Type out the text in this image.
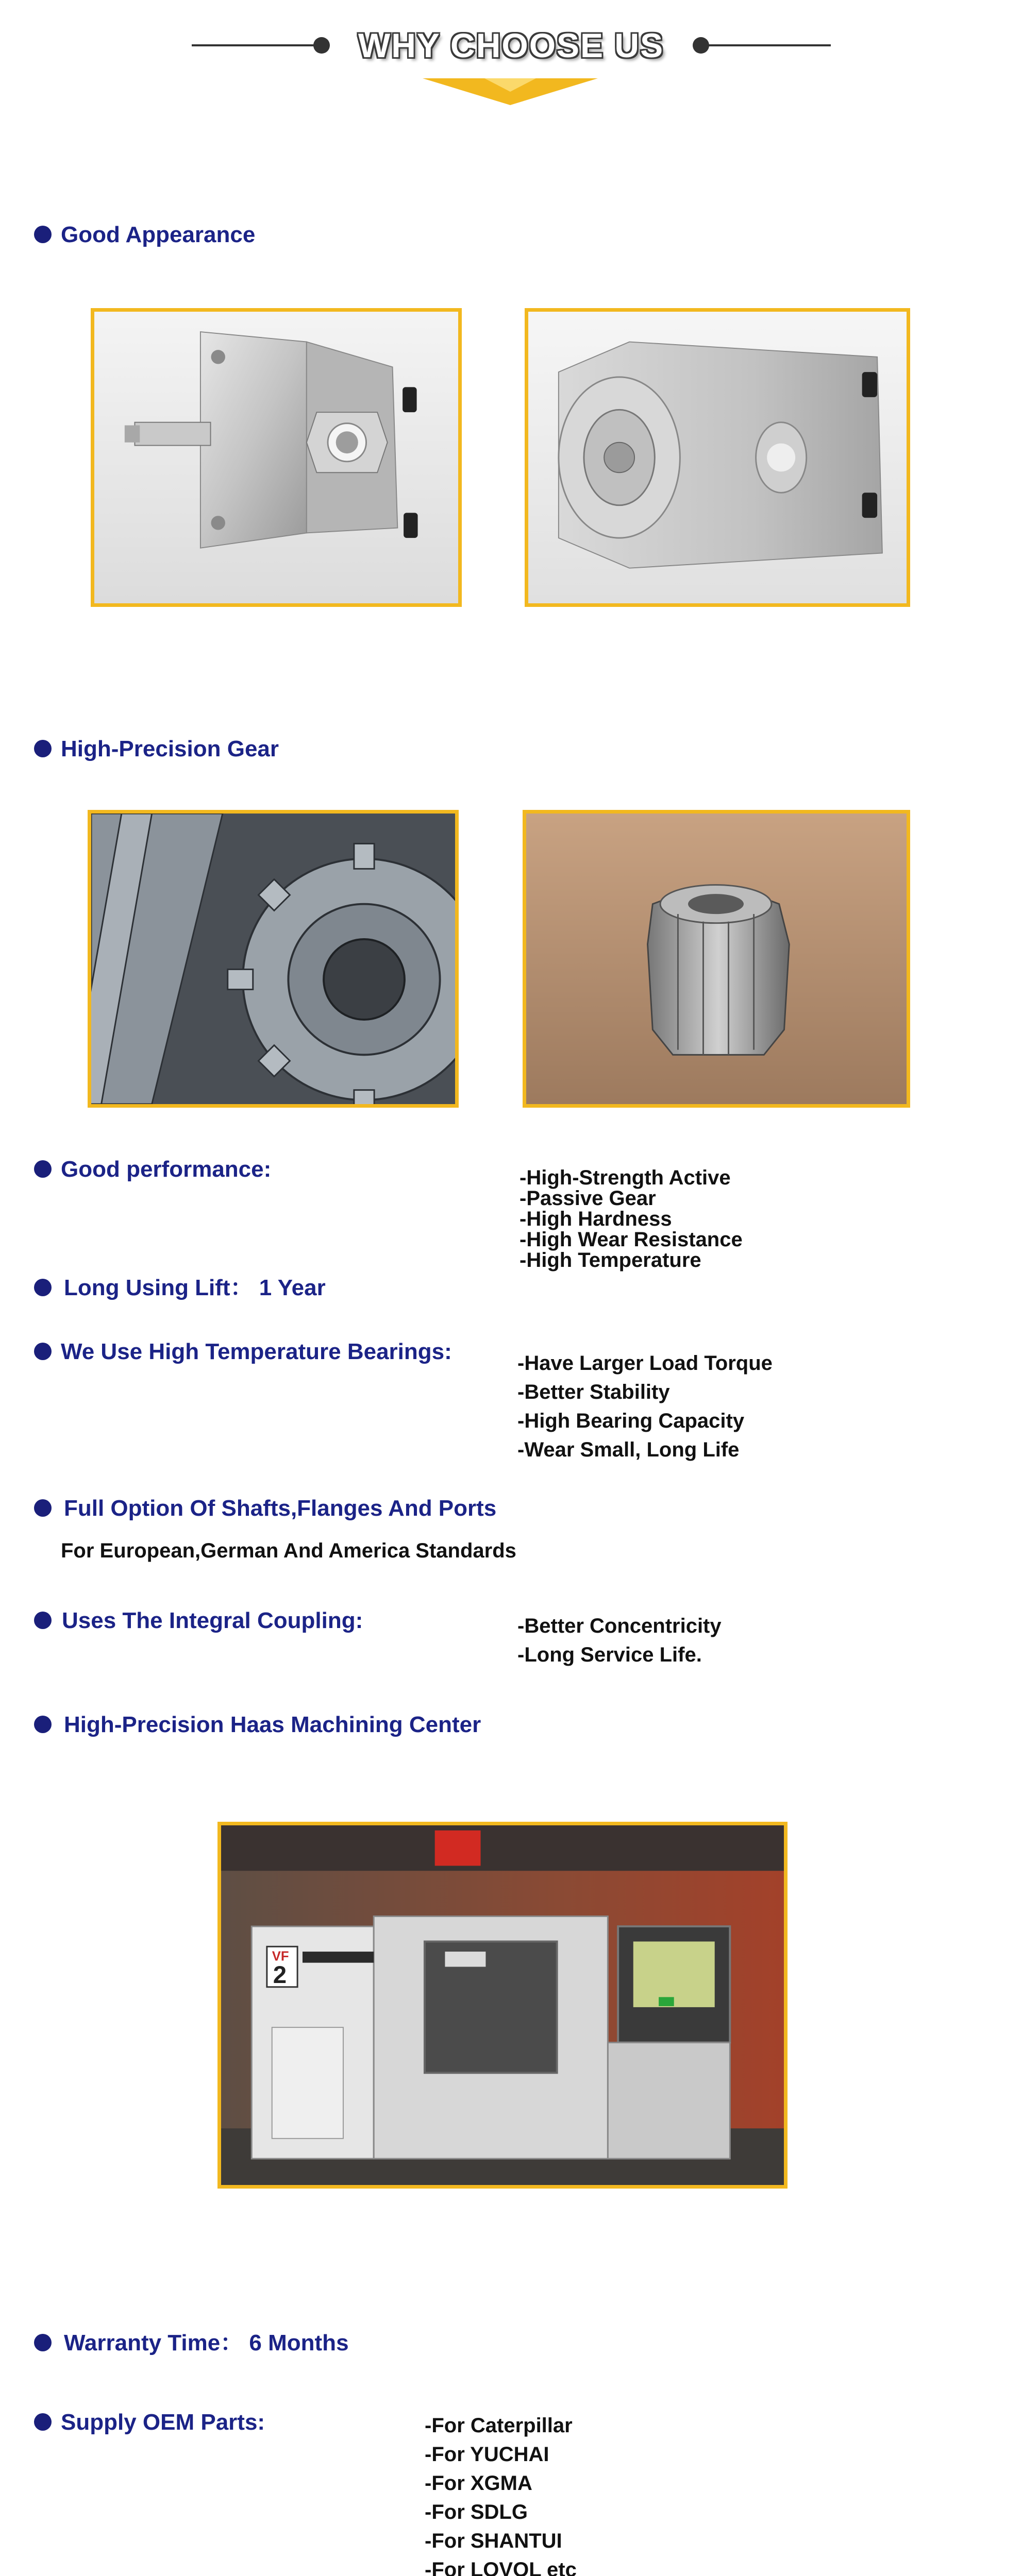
WHY CHOOSE US
Good Appearance
High-Precision Gear
Good performance:	-High-Strength Active
-Passive Gear
-High Hardness
-High Wear Resistance
-High Temperature
Long Using Lift： 1 Year
We Use High Temperature Bearings:	-Have Larger Load Torque
-Better Stability
-High Bearing Capacity
-Wear Small, Long Life
Full Option Of Shafts,Flanges And Ports
For European,German And America Standards
Uses The Integral Coupling:	-Better Concentricity
-Long Service Life.
High-Precision Haas Machining Center
VF
2
Warranty Time： 6 Months
Supply OEM Parts:	-For Caterpillar
-For YUCHAI
-For XGMA
-For SDLG
-For SHANTUI
-For LOVOL etc
